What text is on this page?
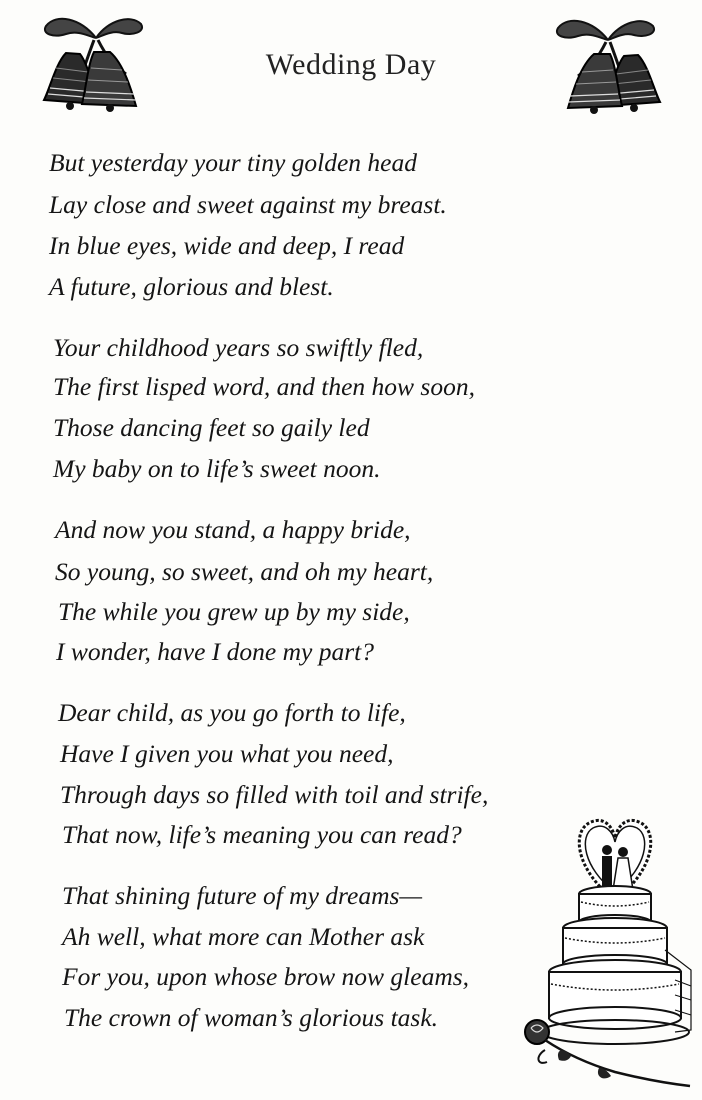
Wedding Day
But yesterday your tiny golden head
Lay close and sweet against my breast.
In blue eyes, wide and deep, I read
A future, glorious and blest.
Your childhood years so swiftly fled,
The first lisped word, and then how soon,
Those dancing feet so gaily led
My baby on to life’s sweet noon.
And now you stand, a happy bride,
So young, so sweet, and oh my heart,
The while you grew up by my side,
I wonder, have I done my part?
Dear child, as you go forth to life,
Have I given you what you need,
Through days so filled with toil and strife,
That now, life’s meaning you can read?
That shining future of my dreams—
Ah well, what more can Mother ask
For you, upon whose brow now gleams,
The crown of woman’s glorious task.
